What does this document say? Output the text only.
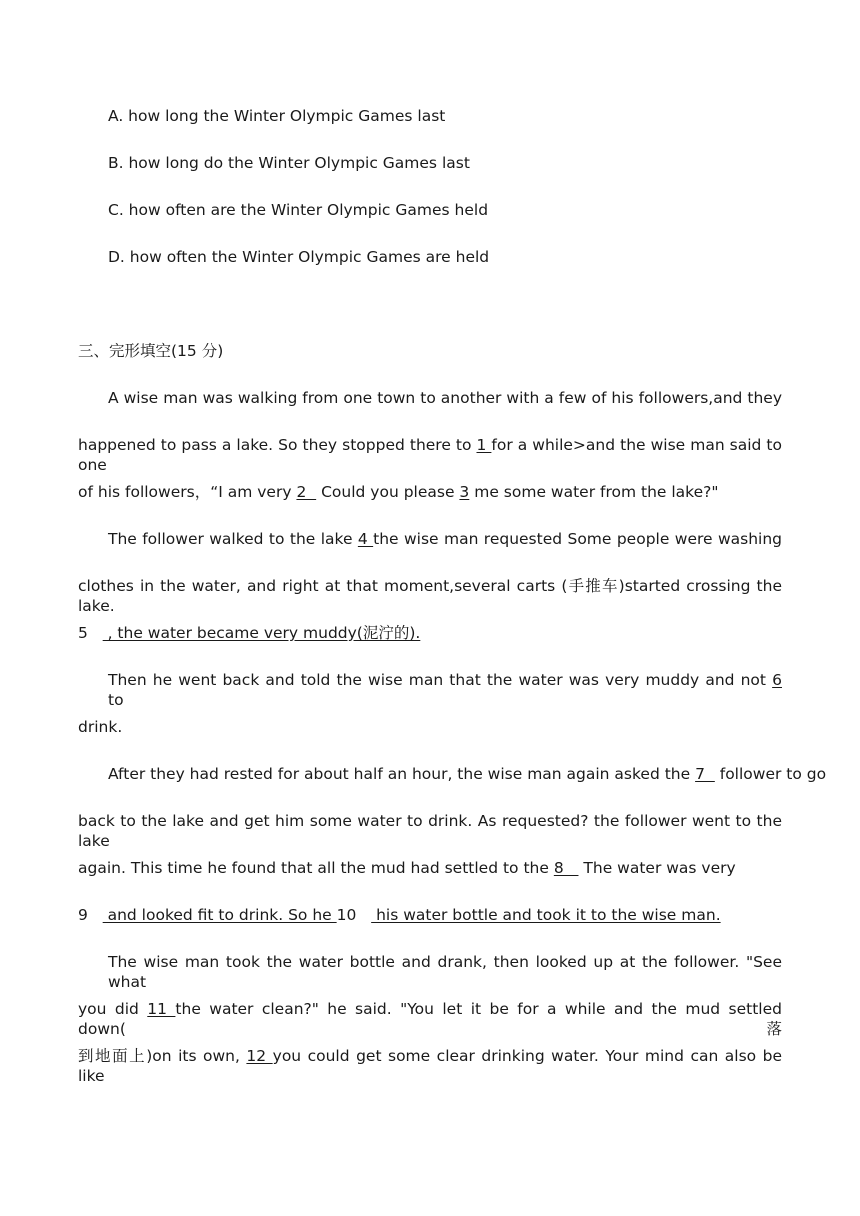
A. how long the Winter Olympic Games last
B. how long do the Winter Olympic Games last
C. how often are the Winter Olympic Games held
D. how often the Winter Olympic Games are held
三、完形填空(15 分)
A wise man was walking from one town to another with a few of his followers,and they
happened to pass a lake. So they stopped there to 1 for a while>and the wise man said to one
of his followers，“I am very 2   Could you please 3 me some water from the lake?"
The follower walked to the lake 4 the wise man requested Some people were washing
clothes in the water, and right at that moment,several carts (手推车)started crossing the lake.
5    , the water became very muddy(泥泞的).
Then he went back and told the wise man that the water was very muddy and not 6 to
drink.
After they had rested for about half an hour, the wise man again asked the 7   follower to go
back to the lake and get him some water to drink. As requested? the follower went to the lake
again. This time he found that all the mud had settled to the 8    The water was very
9    and looked fit to drink. So he 10    his water bottle and took it to the wise man.
The wise man took the water bottle and drank, then looked up at the follower. "See what
you did 11 the water clean?" he said. "You let it be for a while and the mud settled down(落
到地面上)on its own, 12 you could get some clear drinking water. Your mind can also be like
